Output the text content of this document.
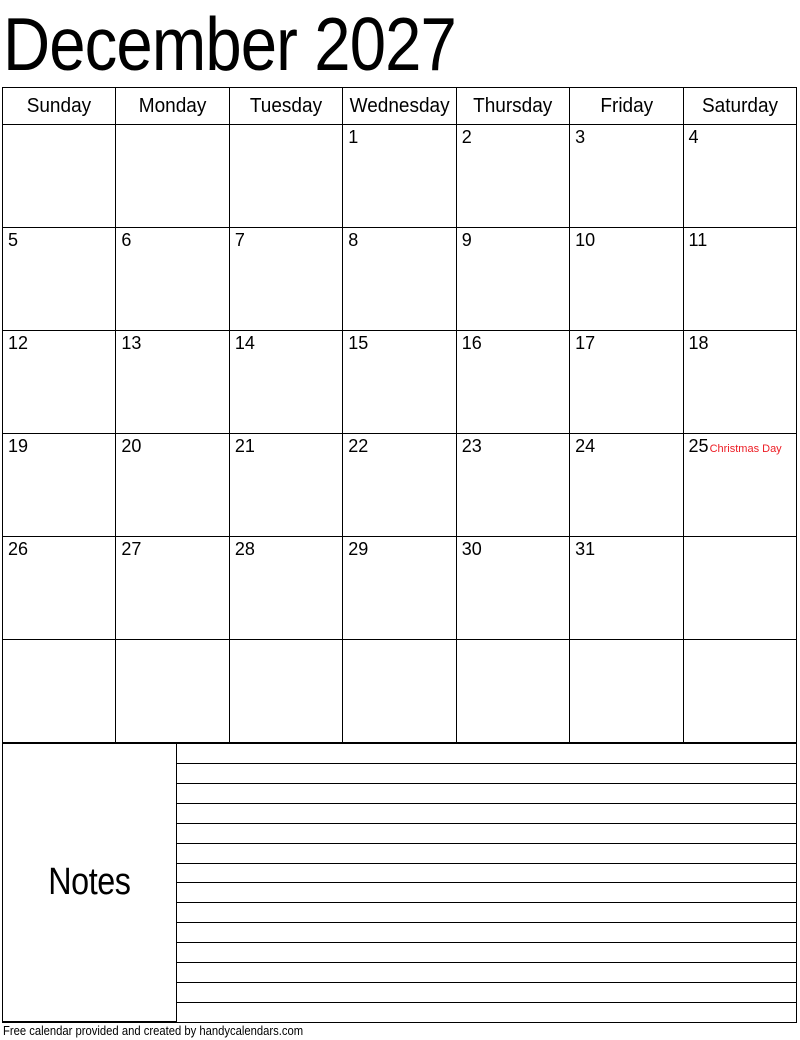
December 2027
Sunday	Monday	Tuesday	Wednesday	Thursday	Friday	Saturday
			1	2	3	4
5	6	7	8	9	10	11
12	13	14	15	16	17	18
19	20	21	22	23	24	25Christmas Day
26	27	28	29	30	31	

Notes
Free calendar provided and created by handycalendars.com
